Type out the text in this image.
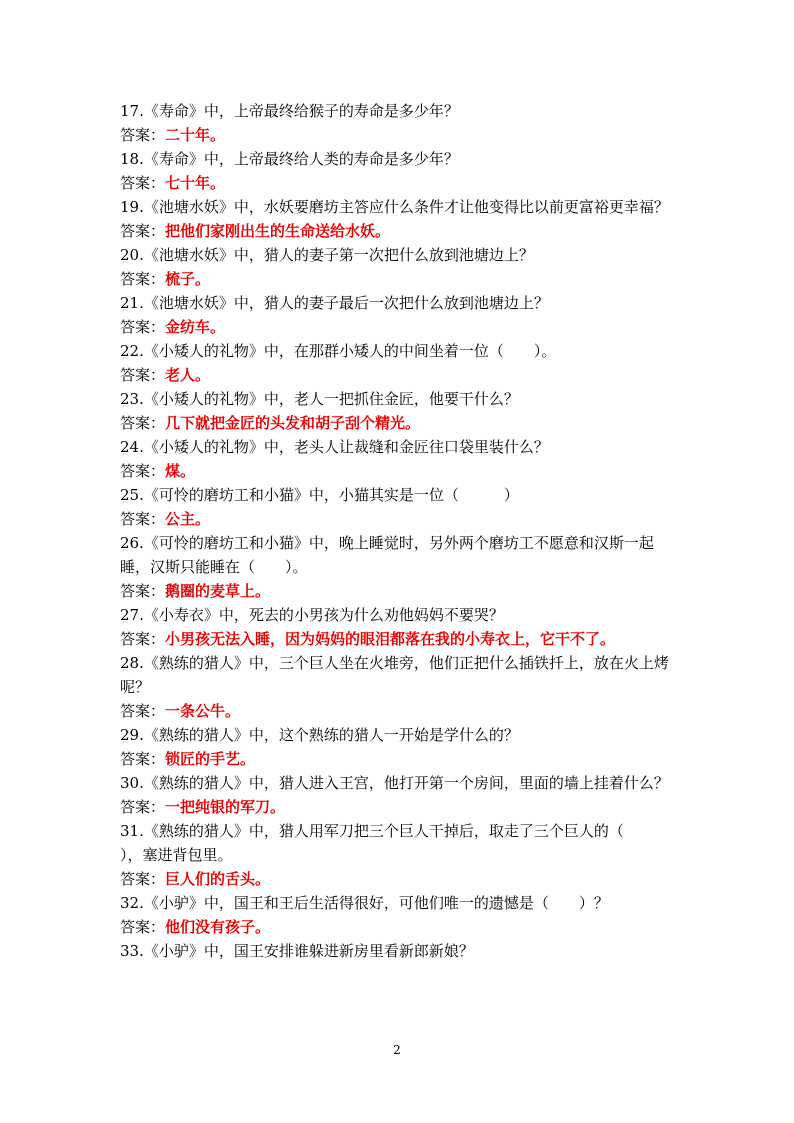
17.《寿命》中，上帝最终给猴子的寿命是多少年？
答案：二十年。
18.《寿命》中，上帝最终给人类的寿命是多少年？
答案：七十年。
19.《池塘水妖》中，水妖要磨坊主答应什么条件才让他变得比以前更富裕更幸福？
答案：把他们家刚出生的生命送给水妖。
20.《池塘水妖》中，猎人的妻子第一次把什么放到池塘边上？
答案：梳子。
21.《池塘水妖》中，猎人的妻子最后一次把什么放到池塘边上？
答案：金纺车。
22.《小矮人的礼物》中，在那群小矮人的中间坐着一位（　　）。
答案：老人。
23.《小矮人的礼物》中，老人一把抓住金匠，他要干什么？
答案：几下就把金匠的头发和胡子刮个精光。
24.《小矮人的礼物》中，老头人让裁缝和金匠往口袋里装什么？
答案：煤。
25.《可怜的磨坊工和小猫》中，小猫其实是一位（　　　）
答案：公主。
26.《可怜的磨坊工和小猫》中，晚上睡觉时，另外两个磨坊工不愿意和汉斯一起睡，汉斯只能睡在（　　）。
答案：鹅圈的麦草上。
27.《小寿衣》中，死去的小男孩为什么劝他妈妈不要哭？
答案：小男孩无法入睡，因为妈妈的眼泪都落在我的小寿衣上，它干不了。
28.《熟练的猎人》中，三个巨人坐在火堆旁，他们正把什么插铁扦上，放在火上烤呢？
答案：一条公牛。
29.《熟练的猎人》中，这个熟练的猎人一开始是学什么的？
答案：锁匠的手艺。
30.《熟练的猎人》中，猎人进入王宫，他打开第一个房间，里面的墙上挂着什么？
答案：一把纯银的军刀。
31.《熟练的猎人》中，猎人用军刀把三个巨人干掉后，取走了三个巨人的（　　　），塞进背包里。
答案：巨人们的舌头。
32.《小驴》中，国王和王后生活得很好，可他们唯一的遗憾是（　　）？
答案：他们没有孩子。
33.《小驴》中，国王安排谁躲进新房里看新郎新娘？
2
